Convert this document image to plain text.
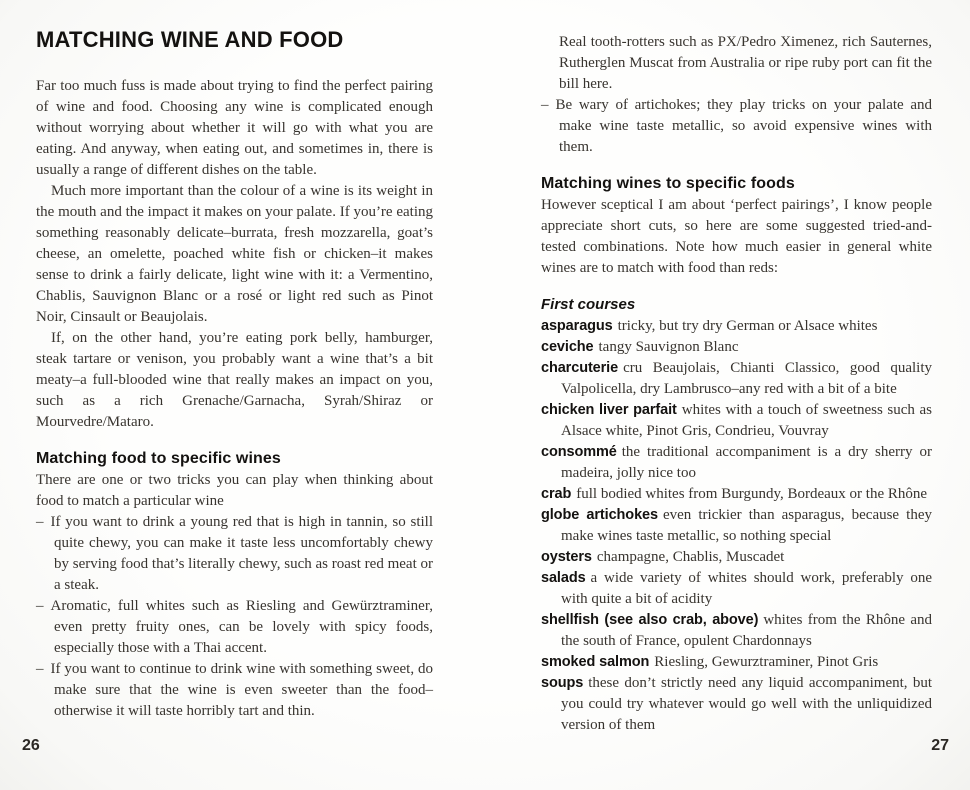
MATCHING WINE AND FOOD

Far too much fuss is made about trying to find the perfect pairing of wine and food. Choosing any wine is complicated enough without worrying about whether it will go with what you are eating. And anyway, when eating out, and sometimes in, there is usually a range of different dishes on the table.

Much more important than the colour of a wine is its weight in the mouth and the impact it makes on your palate. If you’re eating something reasonably delicate–burrata, fresh mozzarella, goat’s cheese, an omelette, poached white fish or chicken–it makes sense to drink a fairly delicate, light wine with it: a Vermentino, Chablis, Sauvignon Blanc or a rosé or light red such as Pinot Noir, Cinsault or Beaujolais.

If, on the other hand, you’re eating pork belly, hamburger, steak tartare or venison, you probably want a wine that’s a bit meaty–a full-blooded wine that really makes an impact on you, such as a rich Grenache/Garnacha, Syrah/Shiraz or Mourvedre/Mataro.

Matching food to specific wines

There are one or two tricks you can play when thinking about food to match a particular wine

– If you want to drink a young red that is high in tannin, so still quite chewy, you can make it taste less uncomfortably chewy by serving food that’s literally chewy, such as roast red meat or a steak.

– Aromatic, full whites such as Riesling and Gewürztraminer, even pretty fruity ones, can be lovely with spicy foods, especially those with a Thai accent.

– If you want to continue to drink wine with something sweet, do make sure that the wine is even sweeter than the food–otherwise it will taste horribly tart and thin.

Real tooth-rotters such as PX/Pedro Ximenez, rich Sauternes, Rutherglen Muscat from Australia or ripe ruby port can fit the bill here.

– Be wary of artichokes; they play tricks on your palate and make wine taste metallic, so avoid expensive wines with them.

Matching wines to specific foods

However sceptical I am about ‘perfect pairings’, I know people appreciate short cuts, so here are some suggested tried-and-tested combinations. Note how much easier in general white wines are to match with food than reds:

First courses

asparagus tricky, but try dry German or Alsace whites

ceviche tangy Sauvignon Blanc

charcuterie cru Beaujolais, Chianti Classico, good quality Valpolicella, dry Lambrusco–any red with a bit of a bite

chicken liver parfait whites with a touch of sweetness such as Alsace white, Pinot Gris, Condrieu, Vouvray

consommé the traditional accompaniment is a dry sherry or madeira, jolly nice too

crab full bodied whites from Burgundy, Bordeaux or the Rhône

globe artichokes even trickier than asparagus, because they make wines taste metallic, so nothing special

oysters champagne, Chablis, Muscadet

salads a wide variety of whites should work, preferably one with quite a bit of acidity

shellfish (see also crab, above) whites from the Rhône and the south of France, opulent Chardonnays

smoked salmon Riesling, Gewurztraminer, Pinot Gris

soups these don’t strictly need any liquid accompaniment, but you could try whatever would go well with the unliquidized version of them

26	27
